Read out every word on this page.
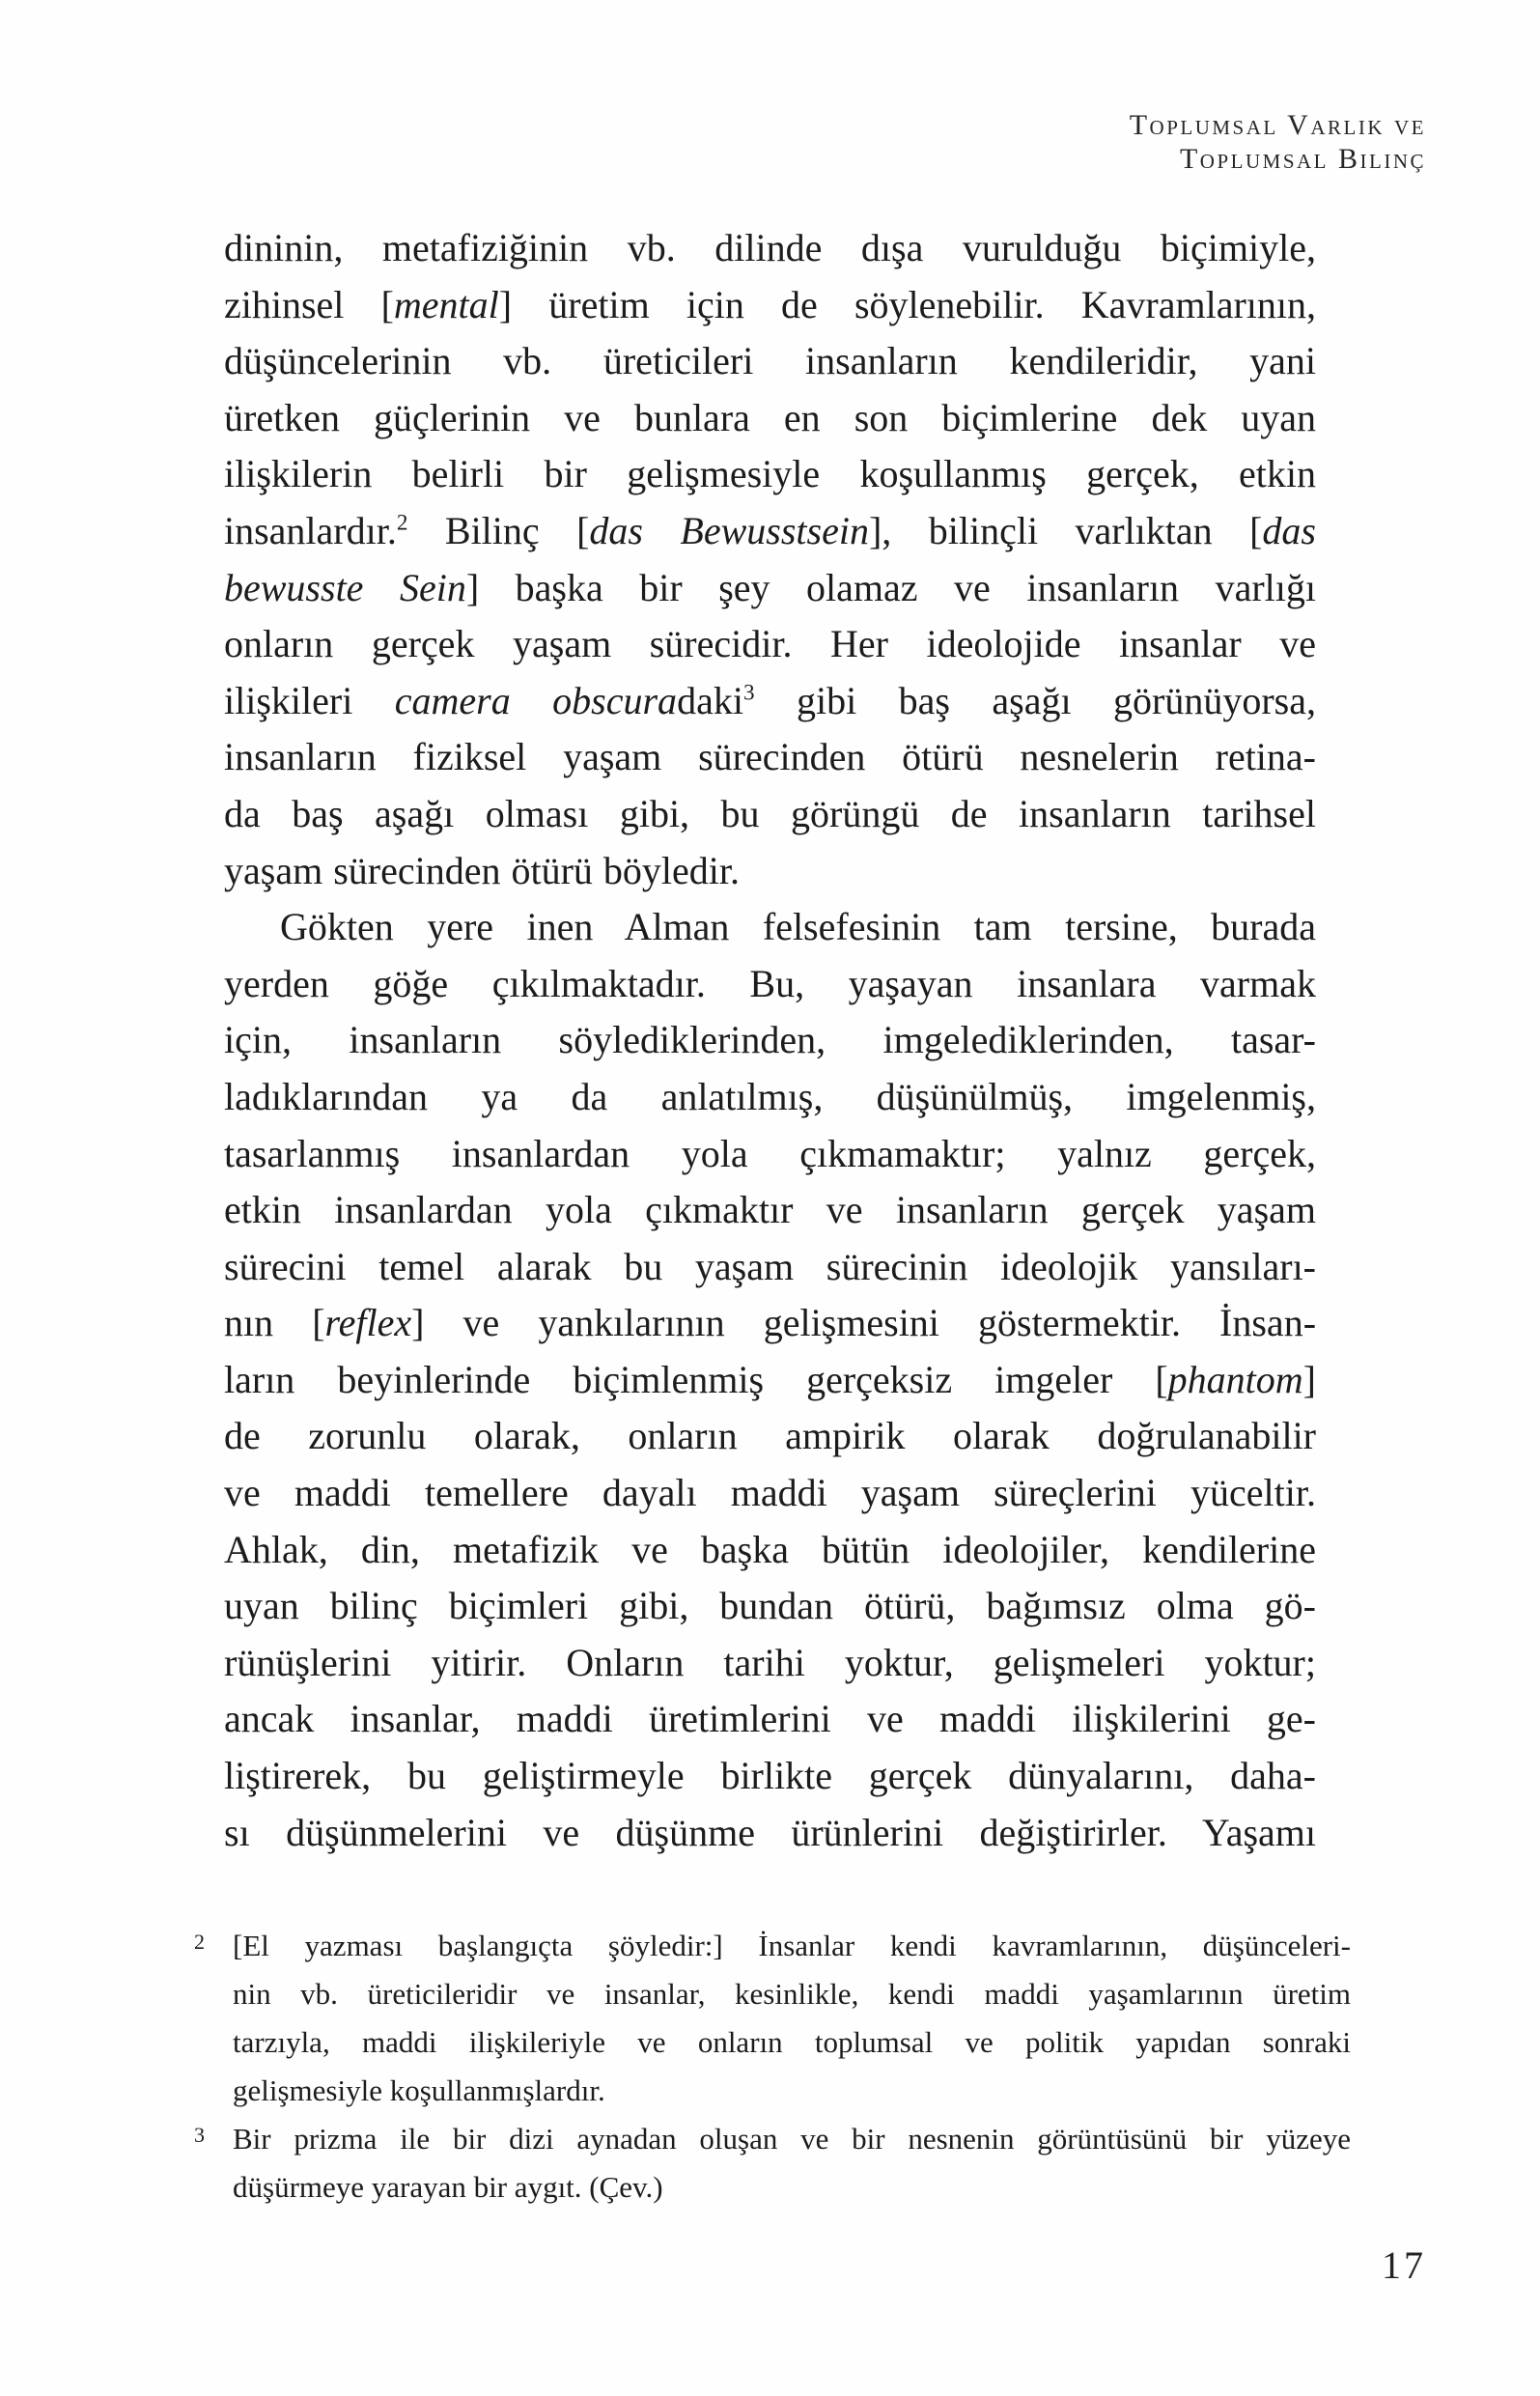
Toplumsal Varlık ve
Toplumsal Bilinç
dininin, metafiziğinin vb. dilinde dışa vurulduğu biçimiyle,
zihinsel [mental] üretim için de söylenebilir. Kavramlarının,
düşüncelerinin vb. üreticileri insanların kendileridir, yani
üretken güçlerinin ve bunlara en son biçimlerine dek uyan
ilişkilerin belirli bir gelişmesiyle koşullanmış gerçek, etkin
insanlardır.$^2$ Bilinç [das Bewusstsein], bilinçli varlıktan [das
bewusste Sein] başka bir şey olamaz ve insanların varlığı
onların gerçek yaşam sürecidir. Her ideolojide insanlar ve
ilişkileri camera obscuradaki$^3$ gibi baş aşağı görünüyorsa,
insanların fiziksel yaşam sürecinden ötürü nesnelerin retina-
da baş aşağı olması gibi, bu görüngü de insanların tarihsel
yaşam sürecinden ötürü böyledir.
Gökten yere inen Alman felsefesinin tam tersine, burada
yerden göğe çıkılmaktadır. Bu, yaşayan insanlara varmak
için, insanların söylediklerinden, imgelediklerinden, tasar-
ladıklarından ya da anlatılmış, düşünülmüş, imgelenmiş,
tasarlanmış insanlardan yola çıkmamaktır; yalnız gerçek,
etkin insanlardan yola çıkmaktır ve insanların gerçek yaşam
sürecini temel alarak bu yaşam sürecinin ideolojik yansıları-
nın [reflex] ve yankılarının gelişmesini göstermektir. İnsan-
ların beyinlerinde biçimlenmiş gerçeksiz imgeler [phantom]
de zorunlu olarak, onların ampirik olarak doğrulanabilir
ve maddi temellere dayalı maddi yaşam süreçlerini yüceltir.
Ahlak, din, metafizik ve başka bütün ideolojiler, kendilerine
uyan bilinç biçimleri gibi, bundan ötürü, bağımsız olma gö-
rünüşlerini yitirir. Onların tarihi yoktur, gelişmeleri yoktur;
ancak insanlar, maddi üretimlerini ve maddi ilişkilerini ge-
liştirerek, bu geliştirmeyle birlikte gerçek dünyalarını, daha-
sı düşünmelerini ve düşünme ürünlerini değiştirirler. Yaşamı
2 [El yazması başlangıçta şöyledir:] İnsanlar kendi kavramlarının, düşünceleri-
nin vb. üreticileridir ve insanlar, kesinlikle, kendi maddi yaşamlarının üretim
tarzıyla, maddi ilişkileriyle ve onların toplumsal ve politik yapıdan sonraki
gelişmesiyle koşullanmışlardır.
3 Bir prizma ile bir dizi aynadan oluşan ve bir nesnenin görüntüsünü bir yüzeye
düşürmeye yarayan bir aygıt. (Çev.)
17
